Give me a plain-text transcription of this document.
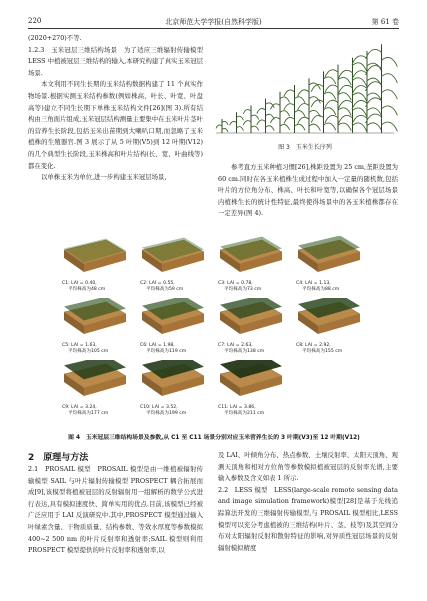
220	北京师范大学学报(自然科学版)	第 61 卷

(2020+270)不等.

1.2.3　玉米冠层三维结构场景　为了适应三维辐射传输模型 LESS 中植被冠层三维结构的输入,本研究构建了真实玉米冠层场景.

本文利用不同生长期的玉米结构数据构建了 11 个真实作物场景.根据实测玉米结构参数(例如株高、叶长、叶宽、叶盘高等)建立不同生长期下单株玉米结构文件[26](图 3).所有结构由三角面片组成,玉米冠层结构测量主要集中在玉米叶片茎叶的营养生长阶段,包括玉米出苗期到大喇叭口期,而忽略了玉米植株的生殖器官.图 3 展示了从 5 叶期(V5)到 12 叶期(V12)的几个典型生长阶段,玉米株高和叶片结构(长、宽、叶曲线等)都在变化.

以单株玉米为单位,进一步构建玉米冠层场景,

图 3　玉米生长序列
参考直方玉米种植习惯[26],株距设置为 25 cm,垄距设置为 60 cm.同时在各玉米植株生成过程中加入一定量的随机数,包括叶片的方位角分布、株高、叶长和叶宽等,以确保各个冠层场景内植株生长的统计性特征,最终使得场景中的各玉米植株都存在一定差异(图 4).
C1: LAI = 0.40,
平均株高为48 cm
C2: LAI = 0.55,
平均株高为59 cm
C3: LAI = 0.78,
平均株高为73 cm
C4: LAI = 1.13,
平均株高为88 cm
C5: LAI = 1.63,
平均株高为105 cm
C6: LAI = 1.98,
平均株高为119 cm
C7: LAI = 2.63,
平均株高为138 cm
C8: LAI = 2.92,
平均株高为155 cm
C9: LAI = 3.24,
平均株高为177 cm
C10: LAI = 3.52,
平均株高为199 cm
C11: LAI = 3.86,
平均株高为211 cm
图 4　玉米冠层三维结构场景及参数,从 C1 至 C11 场景分别对应玉米营养生长的 3 叶期(V3)至 12 叶期(V12)
2　原理与方法

2.1　PROSAIL 模型　PROSAIL 模型是由一维植被辐射传输模型 SAIL 与叶片辐射传输模型 PROSPECT 耦合拓展而成[9],该模型将植被冠层的反射辐射用一组解析的数学公式进行表达,具有模拟速度快、简单实用的优点.目前,该模型已经被广泛应用于 LAI 反演研究中.其中,PROSPECT 模型通过输入叶绿素含量、干物质质量、结构参数、等效水厚度等参数模拟 400~2 500 nm 的叶片反射率和透射率;SAIL 模型则利用 PROSPECT 模型提供的叶片反射率和透射率,以

及 LAI、叶倾角分布、热点参数、土壤反射率、太阳天顶角、观测天顶角和相对方位角等参数模拟植被冠层的反射率光谱,主要输入参数及含义如表 1 所示.

2.2　LESS 模型　LESS(large-scale remote sensing data and image simulation framework)模型[28]是基于光线追踪算法开发的三维辐射传输模型,与 PROSAIL 模型相比,LESS 模型可以充分考虑植被的三维结构(叶片、茎、枝等)及其空间分布对太阳辐射反射和散射特征的影响,对异质性冠层场景的反射辐射模拟精度
